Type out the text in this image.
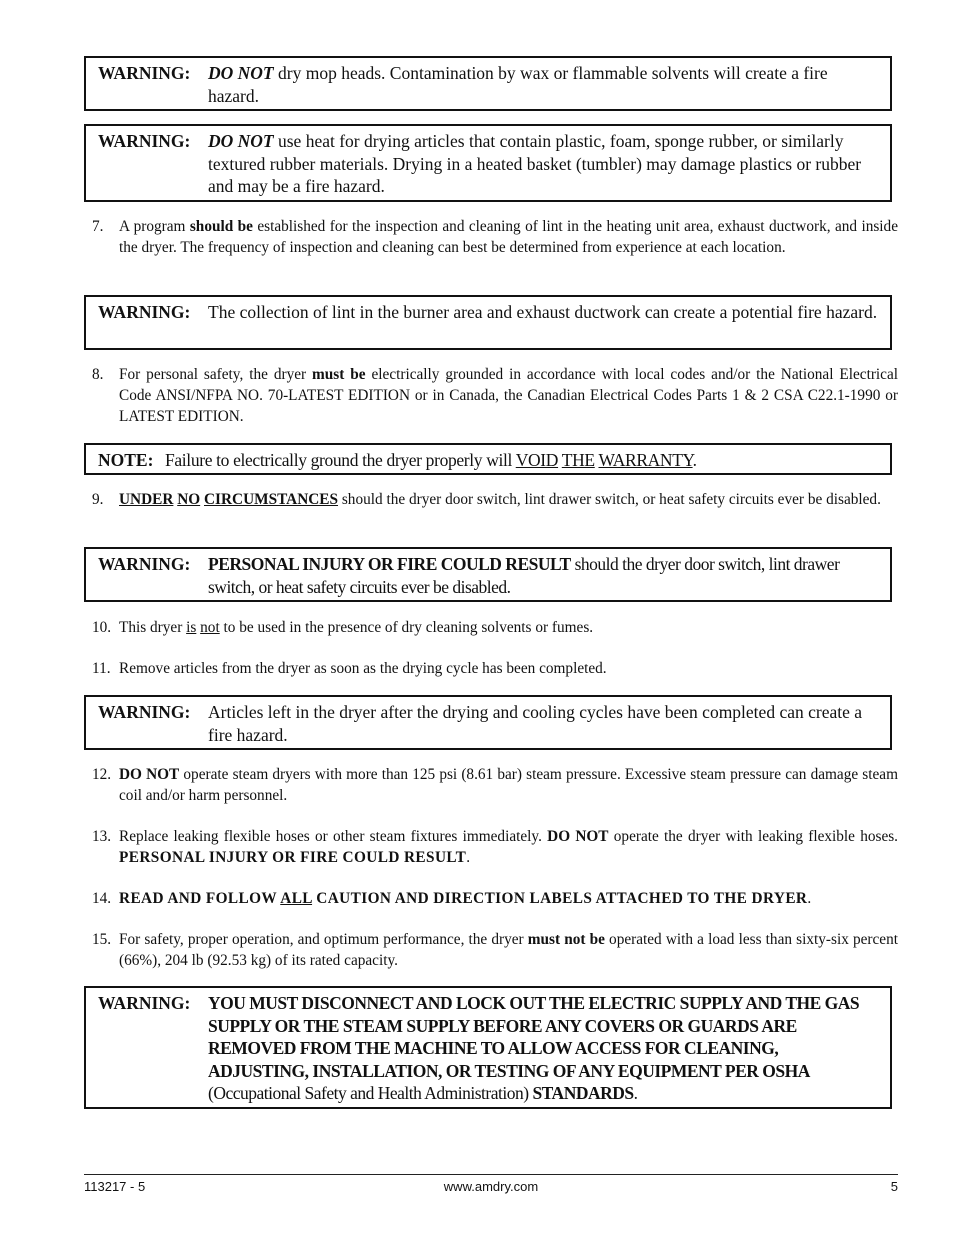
WARNING: DO NOT dry mop heads. Contamination by wax or flammable solvents will create a fire hazard.
WARNING: DO NOT use heat for drying articles that contain plastic, foam, sponge rubber, or similarly textured rubber materials. Drying in a heated basket (tumbler) may damage plastics or rubber and may be a fire hazard.
7. A program should be established for the inspection and cleaning of lint in the heating unit area, exhaust ductwork, and inside the dryer. The frequency of inspection and cleaning can best be determined from experience at each location.
WARNING: The collection of lint in the burner area and exhaust ductwork can create a potential fire hazard.
8. For personal safety, the dryer must be electrically grounded in accordance with local codes and/or the National Electrical Code ANSI/NFPA NO. 70-LATEST EDITION or in Canada, the Canadian Electrical Codes Parts 1 & 2 CSA C22.1-1990 or LATEST EDITION.
NOTE: Failure to electrically ground the dryer properly will VOID THE WARRANTY.
9. UNDER NO CIRCUMSTANCES should the dryer door switch, lint drawer switch, or heat safety circuits ever be disabled.
WARNING: PERSONAL INJURY OR FIRE COULD RESULT should the dryer door switch, lint drawer switch, or heat safety circuits ever be disabled.
10. This dryer is not to be used in the presence of dry cleaning solvents or fumes.
11. Remove articles from the dryer as soon as the drying cycle has been completed.
WARNING: Articles left in the dryer after the drying and cooling cycles have been completed can create a fire hazard.
12. DO NOT operate steam dryers with more than 125 psi (8.61 bar) steam pressure. Excessive steam pressure can damage steam coil and/or harm personnel.
13. Replace leaking flexible hoses or other steam fixtures immediately. DO NOT operate the dryer with leaking flexible hoses. PERSONAL INJURY OR FIRE COULD RESULT.
14. READ AND FOLLOW ALL CAUTION AND DIRECTION LABELS ATTACHED TO THE DRYER.
15. For safety, proper operation, and optimum performance, the dryer must not be operated with a load less than sixty-six percent (66%), 204 lb (92.53 kg) of its rated capacity.
WARNING: YOU MUST DISCONNECT AND LOCK OUT THE ELECTRIC SUPPLY AND THE GAS SUPPLY OR THE STEAM SUPPLY BEFORE ANY COVERS OR GUARDS ARE REMOVED FROM THE MACHINE TO ALLOW ACCESS FOR CLEANING, ADJUSTING, INSTALLATION, OR TESTING OF ANY EQUIPMENT PER OSHA (Occupational Safety and Health Administration) STANDARDS.
113217 - 5	www.amdry.com	5
